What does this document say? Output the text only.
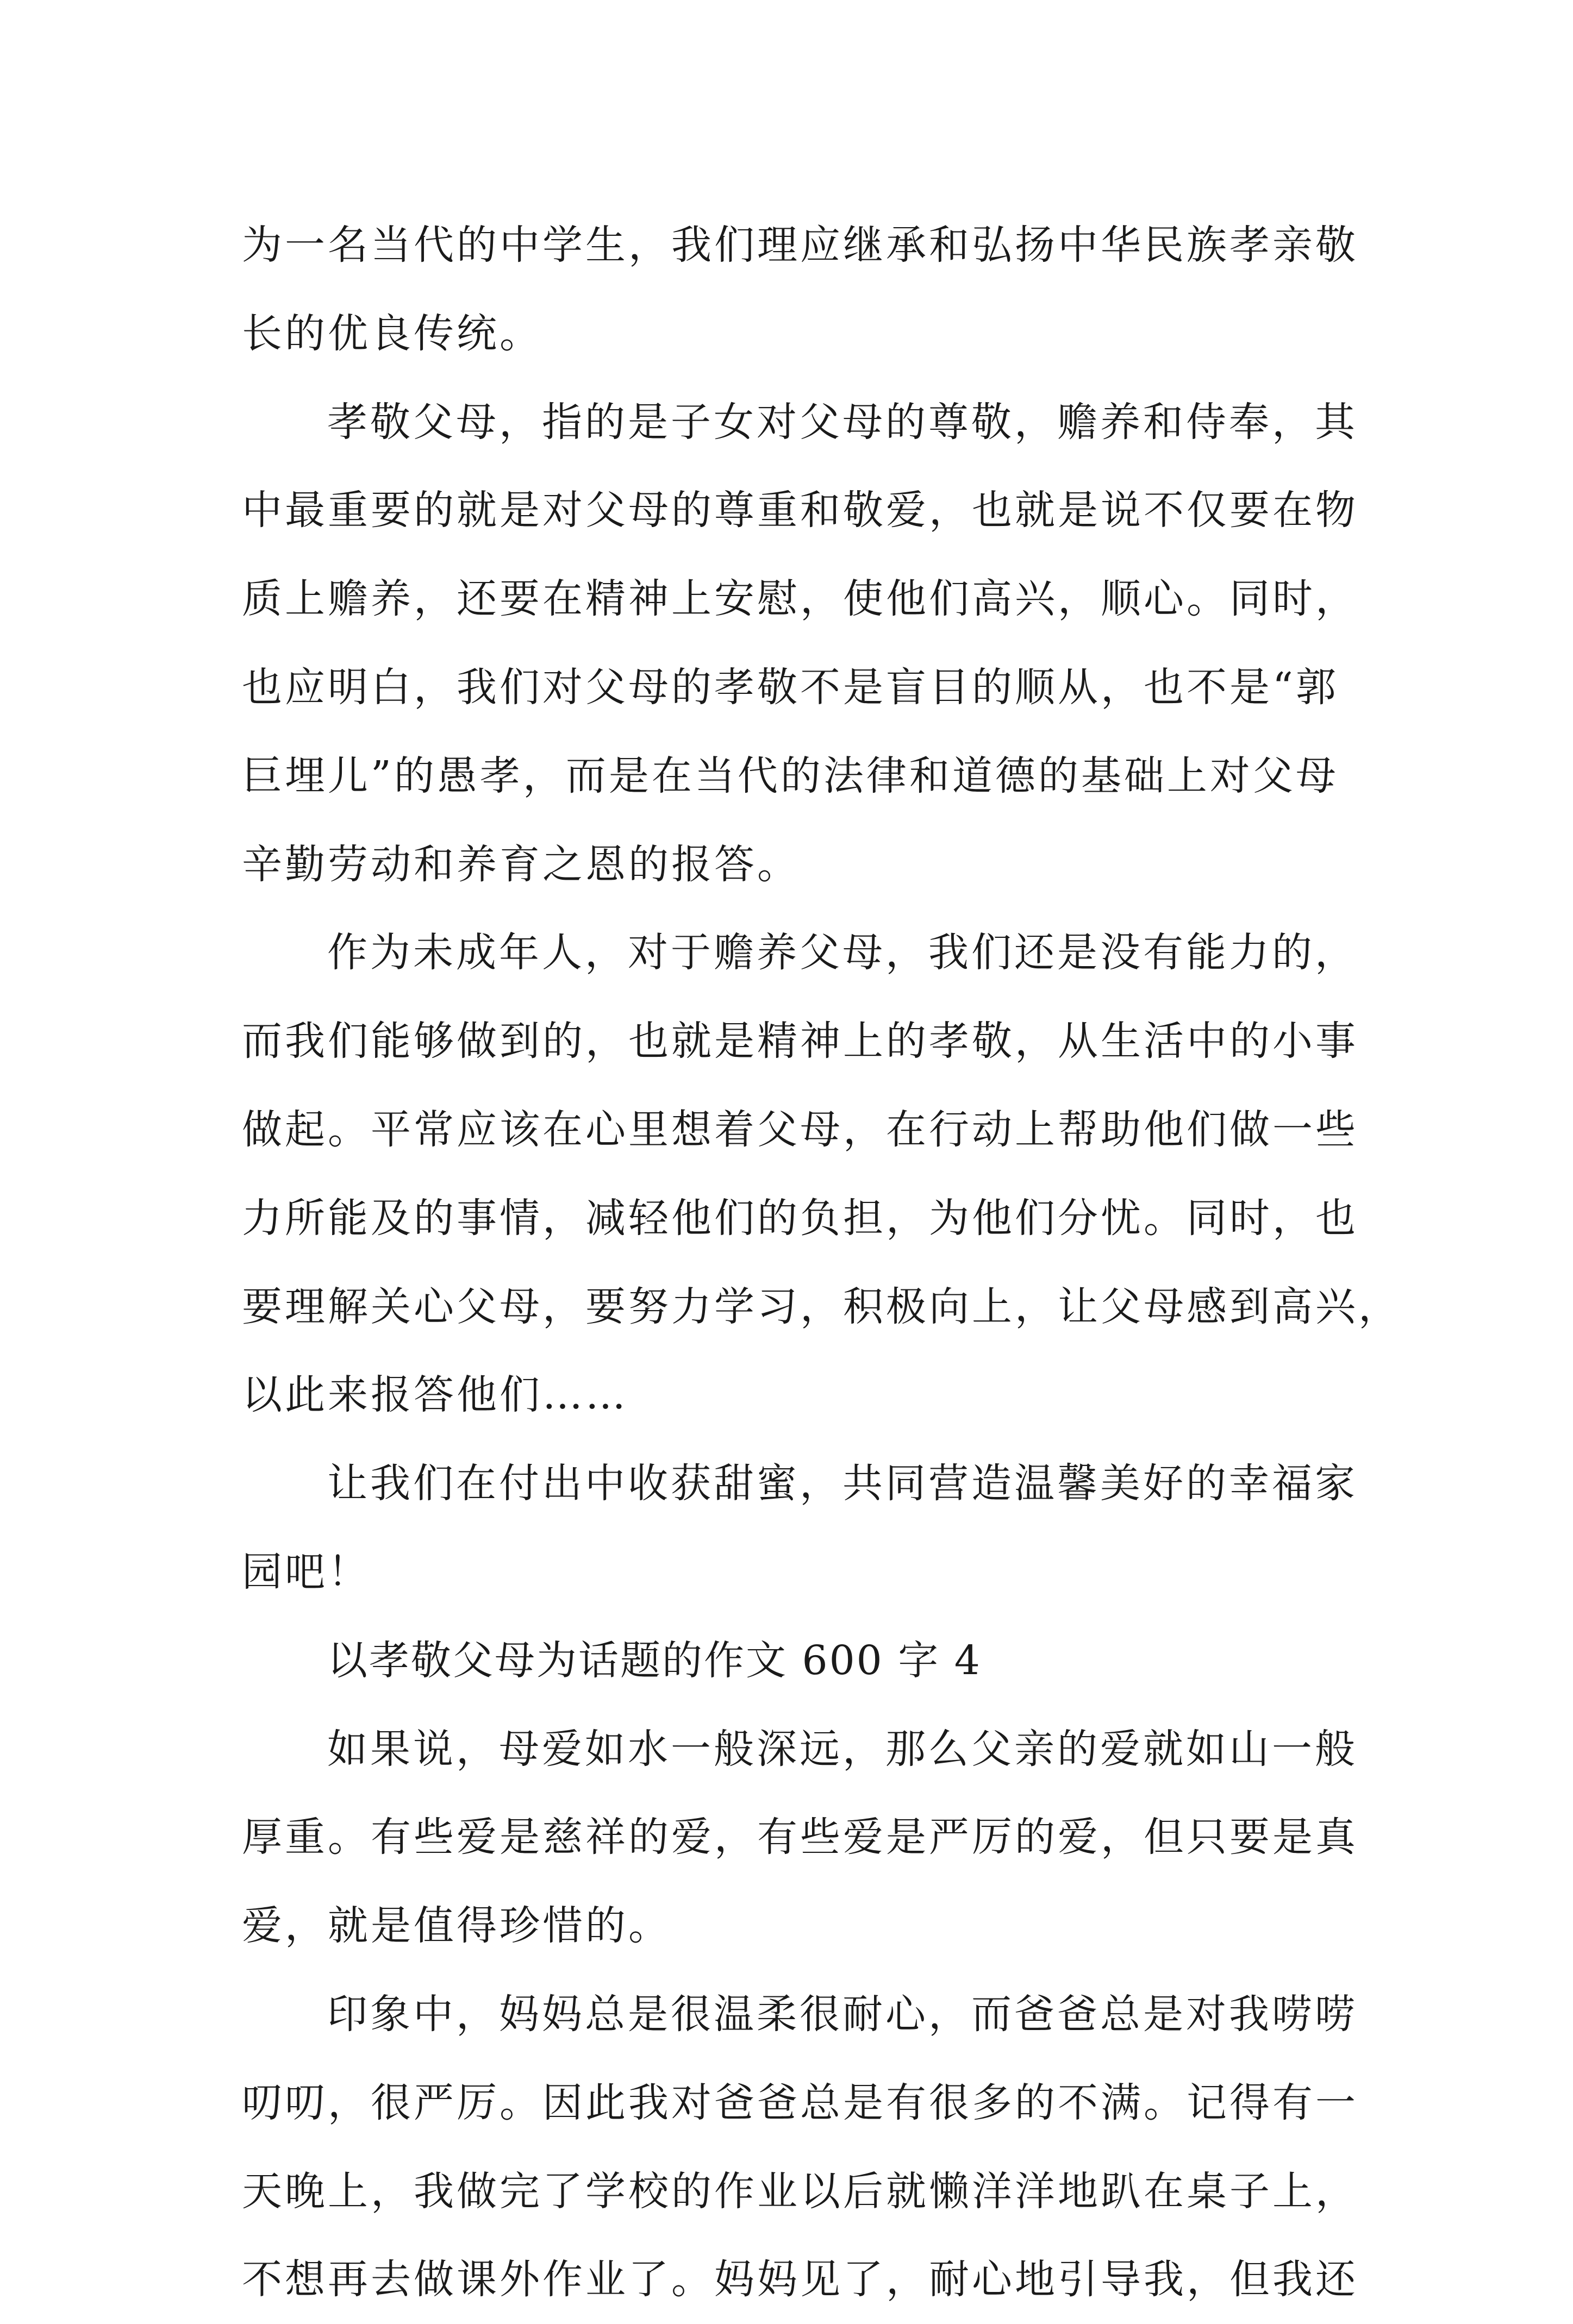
为一名当代的中学生，我们理应继承和弘扬中华民族孝亲敬
长的优良传统。
孝敬父母，指的是子女对父母的尊敬，赡养和侍奉，其
中最重要的就是对父母的尊重和敬爱，也就是说不仅要在物
质上赡养，还要在精神上安慰，使他们高兴，顺心。同时，
也应明白，我们对父母的孝敬不是盲目的顺从，也不是“郭
巨埋儿”的愚孝，而是在当代的法律和道德的基础上对父母
辛勤劳动和养育之恩的报答。
作为未成年人，对于赡养父母，我们还是没有能力的，
而我们能够做到的，也就是精神上的孝敬，从生活中的小事
做起。平常应该在心里想着父母，在行动上帮助他们做一些
力所能及的事情，减轻他们的负担，为他们分忧。同时，也
要理解关心父母，要努力学习，积极向上，让父母感到高兴，
以此来报答他们……
让我们在付出中收获甜蜜，共同营造温馨美好的幸福家
园吧！
以孝敬父母为话题的作文 600 字 4
如果说，母爱如水一般深远，那么父亲的爱就如山一般
厚重。有些爱是慈祥的爱，有些爱是严厉的爱，但只要是真
爱，就是值得珍惜的。
印象中，妈妈总是很温柔很耐心，而爸爸总是对我唠唠
叨叨，很严厉。因此我对爸爸总是有很多的不满。记得有一
天晚上，我做完了学校的作业以后就懒洋洋地趴在桌子上，
不想再去做课外作业了。妈妈见了，耐心地引导我，但我还
